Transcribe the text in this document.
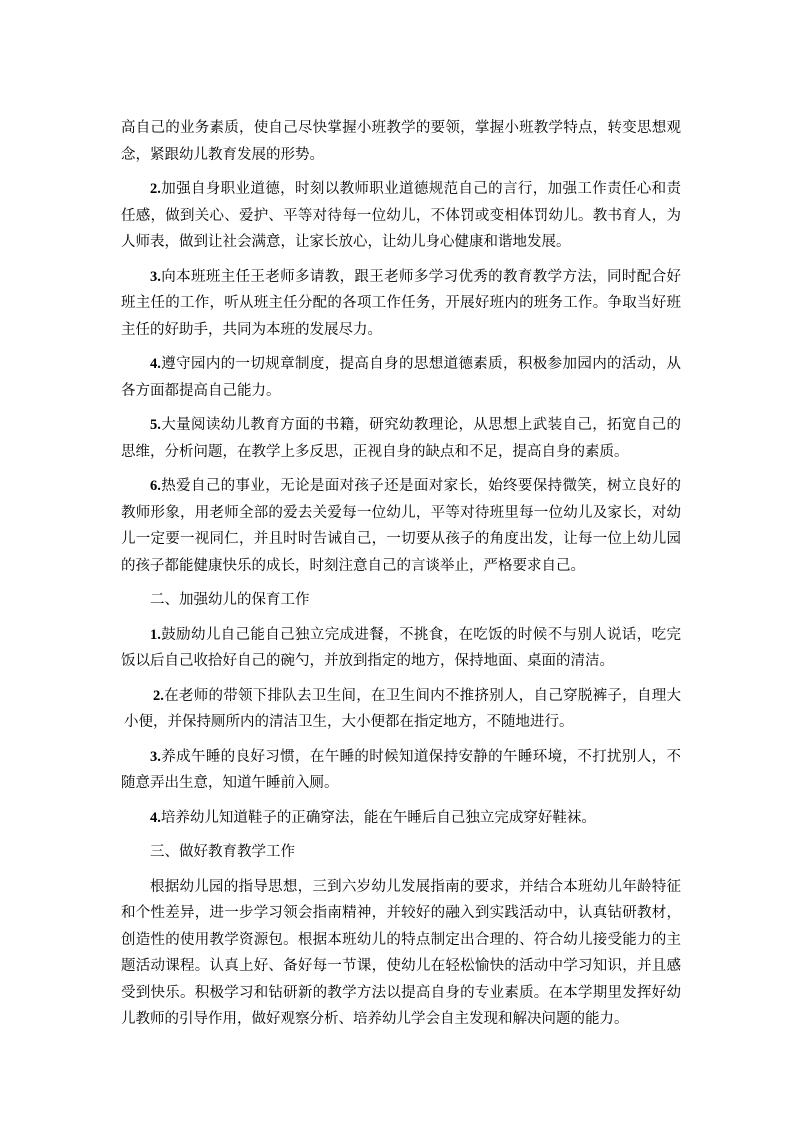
高自己的业务素质，使自己尽快掌握小班教学的要领，掌握小班教学特点，转变思想观念，紧跟幼儿教育发展的形势。

2.加强自身职业道德，时刻以教师职业道德规范自己的言行，加强工作责任心和责任感，做到关心、爱护、平等对待每一位幼儿，不体罚或变相体罚幼儿。教书育人，为人师表，做到让社会满意，让家长放心，让幼儿身心健康和谐地发展。

3.向本班班主任王老师多请教，跟王老师多学习优秀的教育教学方法，同时配合好班主任的工作，听从班主任分配的各项工作任务，开展好班内的班务工作。争取当好班主任的好助手，共同为本班的发展尽力。

4.遵守园内的一切规章制度，提高自身的思想道德素质，积极参加园内的活动，从各方面都提高自己能力。

5.大量阅读幼儿教育方面的书籍，研究幼教理论，从思想上武装自己，拓宽自己的思维，分析问题，在教学上多反思，正视自身的缺点和不足，提高自身的素质。

6.热爱自己的事业，无论是面对孩子还是面对家长，始终要保持微笑，树立良好的教师形象，用老师全部的爱去关爱每一位幼儿，平等对待班里每一位幼儿及家长，对幼儿一定要一视同仁，并且时时告诫自己，一切要从孩子的角度出发，让每一位上幼儿园的孩子都能健康快乐的成长，时刻注意自己的言谈举止，严格要求自己。

二、加强幼儿的保育工作

1.鼓励幼儿自己能自己独立完成进餐，不挑食，在吃饭的时候不与别人说话，吃完饭以后自己收拾好自己的碗勺，并放到指定的地方，保持地面、桌面的清洁。

2.在老师的带领下排队去卫生间，在卫生间内不推挤别人，自己穿脱裤子，自理大小便，并保持厕所内的清洁卫生，大小便都在指定地方，不随地进行。

3.养成午睡的良好习惯，在午睡的时候知道保持安静的午睡环境，不打扰别人，不随意弄出生意，知道午睡前入厕。

4.培养幼儿知道鞋子的正确穿法，能在午睡后自己独立完成穿好鞋袜。

三、做好教育教学工作

根据幼儿园的指导思想，三到六岁幼儿发展指南的要求，并结合本班幼儿年龄特征和个性差异，进一步学习领会指南精神，并较好的融入到实践活动中，认真钻研教材，创造性的使用教学资源包。根据本班幼儿的特点制定出合理的、符合幼儿接受能力的主题活动课程。认真上好、备好每一节课，使幼儿在轻松愉快的活动中学习知识，并且感受到快乐。积极学习和钻研新的教学方法以提高自身的专业素质。在本学期里发挥好幼儿教师的引导作用，做好观察分析、培养幼儿学会自主发现和解决问题的能力。
